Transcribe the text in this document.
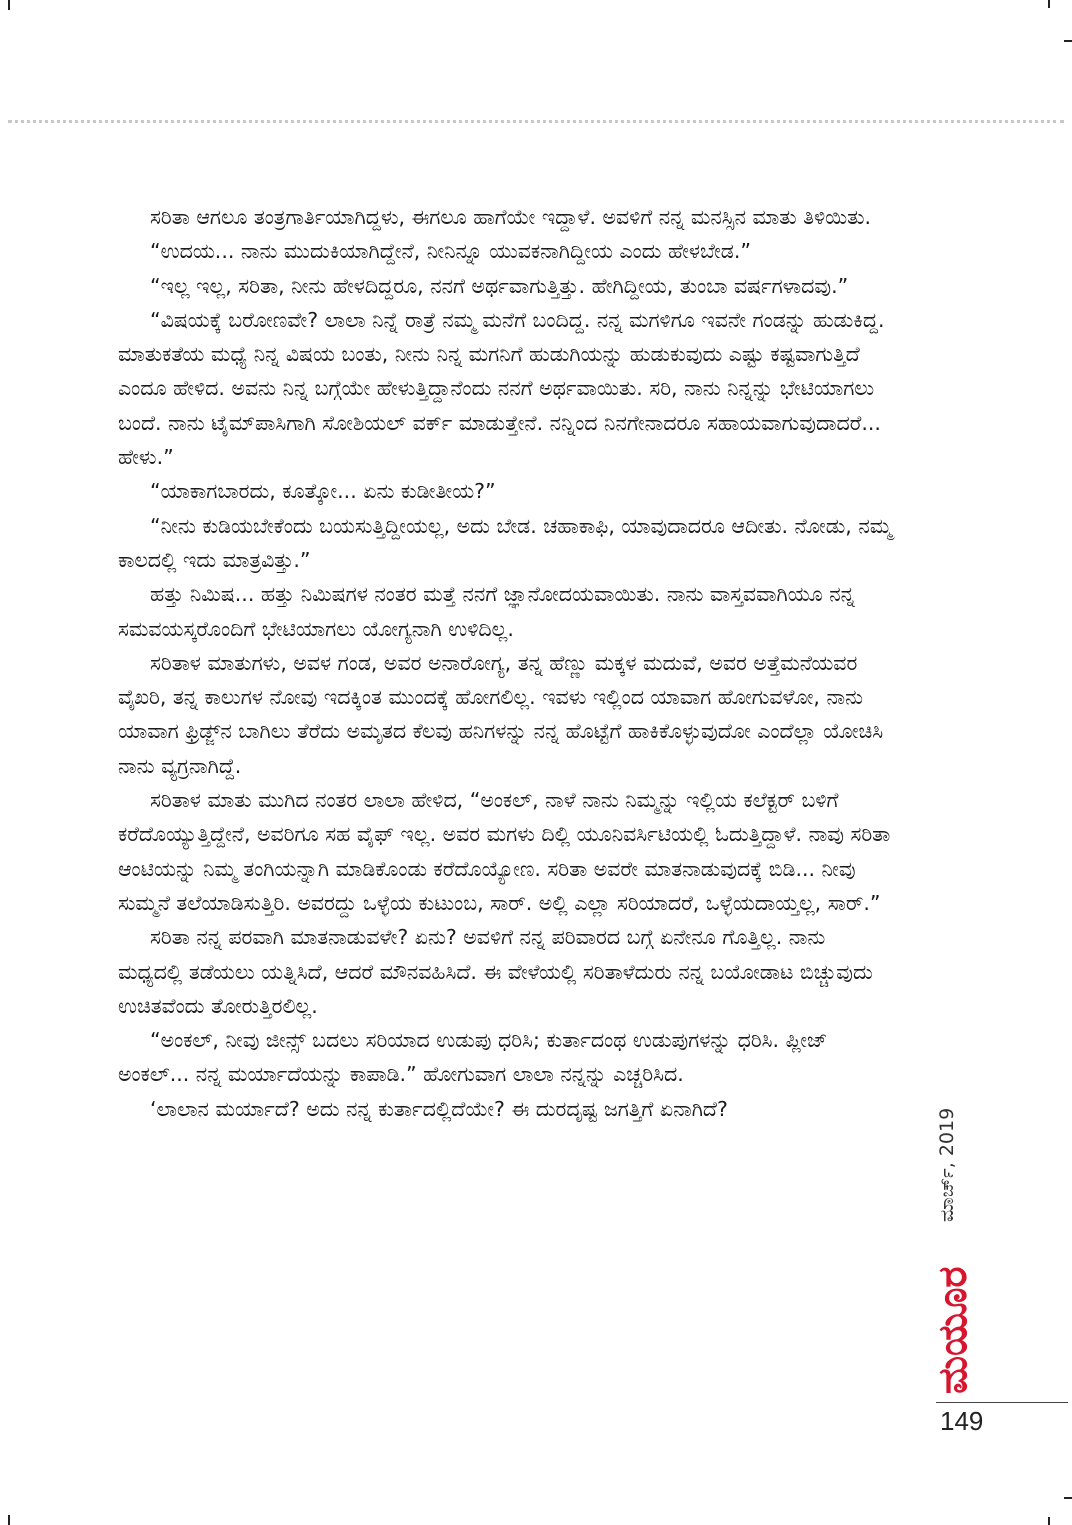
ಸರಿತಾ ಆಗಲೂ ತಂತ್ರಗಾರ್ತಿಯಾಗಿದ್ದಳು, ಈಗಲೂ ಹಾಗೆಯೇ ಇದ್ದಾಳೆ. ಅವಳಿಗೆ ನನ್ನ ಮನಸ್ಸಿನ ಮಾತು ತಿಳಿಯಿತು.

“ಉದಯ... ನಾನು ಮುದುಕಿಯಾಗಿದ್ದೇನೆ, ನೀನಿನ್ನೂ ಯುವಕನಾಗಿದ್ದೀಯ ಎಂದು ಹೇಳಬೇಡ.”

“ಇಲ್ಲ ಇಲ್ಲ, ಸರಿತಾ, ನೀನು ಹೇಳದಿದ್ದರೂ, ನನಗೆ ಅರ್ಥವಾಗುತ್ತಿತ್ತು. ಹೇಗಿದ್ದೀಯ, ತುಂಬಾ ವರ್ಷಗಳಾದವು.”

“ವಿಷಯಕ್ಕೆ ಬರೋಣವೇ? ಲಾಲಾ ನಿನ್ನೆ ರಾತ್ರೆ ನಮ್ಮ ಮನೆಗೆ ಬಂದಿದ್ದ. ನನ್ನ ಮಗಳಿಗೂ ಇವನೇ ಗಂಡನ್ನು ಹುಡುಕಿದ್ದ. ಮಾತುಕತೆಯ ಮಧ್ಯೆ ನಿನ್ನ ವಿಷಯ ಬಂತು, ನೀನು ನಿನ್ನ ಮಗನಿಗೆ ಹುಡುಗಿಯನ್ನು ಹುಡುಕುವುದು ಎಷ್ಟು ಕಷ್ಟವಾಗುತ್ತಿದೆ ಎಂದೂ ಹೇಳಿದ. ಅವನು ನಿನ್ನ ಬಗ್ಗೆಯೇ ಹೇಳುತ್ತಿದ್ದಾನೆಂದು ನನಗೆ ಅರ್ಥವಾಯಿತು. ಸರಿ, ನಾನು ನಿನ್ನನ್ನು ಭೇಟಿಯಾಗಲು ಬಂದೆ. ನಾನು ಟೈಮ್‌ಪಾಸಿಗಾಗಿ ಸೋಶಿಯಲ್ ವರ್ಕ್ ಮಾಡುತ್ತೇನೆ. ನನ್ನಿಂದ ನಿನಗೇನಾದರೂ ಸಹಾಯವಾಗುವುದಾದರೆ... ಹೇಳು.”

“ಯಾಕಾಗಬಾರದು, ಕೂತ್ಕೋ... ಏನು ಕುಡೀತೀಯ?”

“ನೀನು ಕುಡಿಯಬೇಕೆಂದು ಬಯಸುತ್ತಿದ್ದೀಯಲ್ಲ, ಅದು ಬೇಡ. ಚಹಾಕಾಫಿ, ಯಾವುದಾದರೂ ಆದೀತು. ನೋಡು, ನಮ್ಮ ಕಾಲದಲ್ಲಿ ಇದು ಮಾತ್ರವಿತ್ತು.”

ಹತ್ತು ನಿಮಿಷ... ಹತ್ತು ನಿಮಿಷಗಳ ನಂತರ ಮತ್ತೆ ನನಗೆ ಜ್ಞಾನೋದಯವಾಯಿತು. ನಾನು ವಾಸ್ತವವಾಗಿಯೂ ನನ್ನ ಸಮವಯಸ್ಕರೊಂದಿಗೆ ಭೇಟಿಯಾಗಲು ಯೋಗ್ಯನಾಗಿ ಉಳಿದಿಲ್ಲ.

ಸರಿತಾಳ ಮಾತುಗಳು, ಅವಳ ಗಂಡ, ಅವರ ಅನಾರೋಗ್ಯ, ತನ್ನ ಹೆಣ್ಣು ಮಕ್ಕಳ ಮದುವೆ, ಅವರ ಅತ್ತೆಮನೆಯವರ ವೈಖರಿ, ತನ್ನ ಕಾಲುಗಳ ನೋವು ಇದಕ್ಕಿಂತ ಮುಂದಕ್ಕೆ ಹೋಗಲಿಲ್ಲ. ಇವಳು ಇಲ್ಲಿಂದ ಯಾವಾಗ ಹೋಗುವಳೋ, ನಾನು ಯಾವಾಗ ಫ್ರಿಡ್ಜ್‌ನ ಬಾಗಿಲು ತೆರೆದು ಅಮೃತದ ಕೆಲವು ಹನಿಗಳನ್ನು ನನ್ನ ಹೊಟ್ಟೆಗೆ ಹಾಕಿಕೊಳ್ಳುವುದೋ ಎಂದೆಲ್ಲಾ ಯೋಚಿಸಿ ನಾನು ವ್ಯಗ್ರನಾಗಿದ್ದೆ.

ಸರಿತಾಳ ಮಾತು ಮುಗಿದ ನಂತರ ಲಾಲಾ ಹೇಳಿದ, “ಅಂಕಲ್, ನಾಳೆ ನಾನು ನಿಮ್ಮನ್ನು ಇಲ್ಲಿಯ ಕಲೆಕ್ಟರ್ ಬಳಿಗೆ ಕರೆದೊಯ್ಯುತ್ತಿದ್ದೇನೆ, ಅವರಿಗೂ ಸಹ ವೈಫ್ ಇಲ್ಲ. ಅವರ ಮಗಳು ದಿಲ್ಲಿ ಯೂನಿವರ್ಸಿಟಿಯಲ್ಲಿ ಓದುತ್ತಿದ್ದಾಳೆ. ನಾವು ಸರಿತಾ ಆಂಟಿಯನ್ನು ನಿಮ್ಮ ತಂಗಿಯನ್ನಾಗಿ ಮಾಡಿಕೊಂಡು ಕರೆದೊಯ್ಯೋಣ. ಸರಿತಾ ಅವರೇ ಮಾತನಾಡುವುದಕ್ಕೆ ಬಿಡಿ... ನೀವು ಸುಮ್ಮನೆ ತಲೆಯಾಡಿಸುತ್ತಿರಿ. ಅವರದ್ದು ಒಳ್ಳೆಯ ಕುಟುಂಬ, ಸಾರ್. ಅಲ್ಲಿ ಎಲ್ಲಾ ಸರಿಯಾದರೆ, ಒಳ್ಳೆಯದಾಯ್ತಲ್ಲ, ಸಾರ್.”

ಸರಿತಾ ನನ್ನ ಪರವಾಗಿ ಮಾತನಾಡುವಳೇ? ಏನು? ಅವಳಿಗೆ ನನ್ನ ಪರಿವಾರದ ಬಗ್ಗೆ ಏನೇನೂ ಗೊತ್ತಿಲ್ಲ. ನಾನು ಮಧ್ಯದಲ್ಲಿ ತಡೆಯಲು ಯತ್ನಿಸಿದೆ, ಆದರೆ ಮೌನವಹಿಸಿದೆ. ಈ ವೇಳೆಯಲ್ಲಿ ಸರಿತಾಳೆದುರು ನನ್ನ ಬಯೋಡಾಟ ಬಿಚ್ಚುವುದು ಉಚಿತವೆಂದು ತೋರುತ್ತಿರಲಿಲ್ಲ.

“ಅಂಕಲ್, ನೀವು ಜೀನ್ಸ್ ಬದಲು ಸರಿಯಾದ ಉಡುಪು ಧರಿಸಿ; ಕುರ್ತಾದಂಥ ಉಡುಪುಗಳನ್ನು ಧರಿಸಿ. ಪ್ಲೀಜ್ ಅಂಕಲ್... ನನ್ನ ಮರ್ಯಾದೆಯನ್ನು ಕಾಪಾಡಿ.” ಹೋಗುವಾಗ ಲಾಲಾ ನನ್ನನ್ನು ಎಚ್ಚರಿಸಿದ.

‘ಲಾಲಾನ ಮರ್ಯಾದೆ? ಅದು ನನ್ನ ಕುರ್ತಾದಲ್ಲಿದೆಯೇ? ಈ ದುರದೃಷ್ಟ ಜಗತ್ತಿಗೆ ಏನಾಗಿದೆ?	ಮಾರ್ಚ್, 2019
ಮಯೂರ
149
